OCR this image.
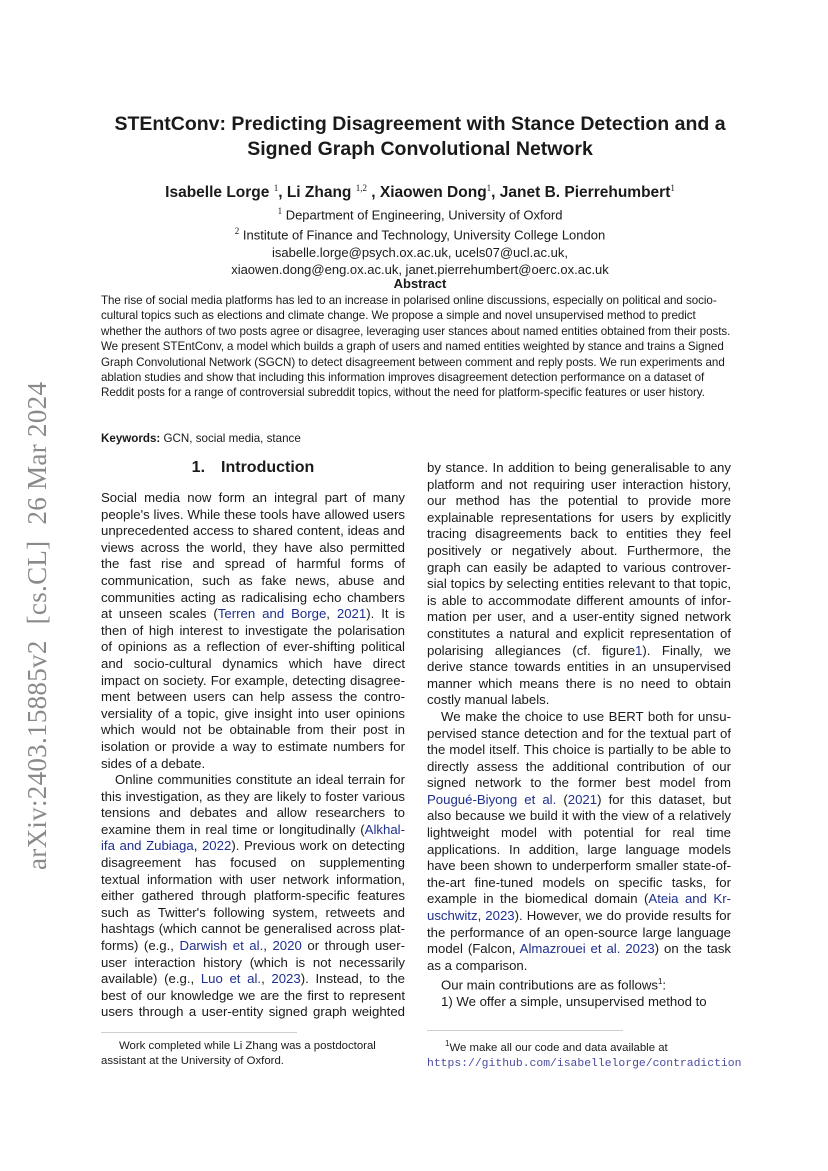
arXiv:2403.15885v2[cs.CL]26 Mar 2024
STEntConv: Predicting Disagreement with Stance Detection and a
Signed Graph Convolutional Network
Isabelle Lorge $^1$, Li Zhang $^{1,2}$ , Xiaowen Dong$^1$, Janet B. Pierrehumbert$^1$
$^1$ Department of Engineering, University of Oxford
$^2$ Institute of Finance and Technology, University College London
isabelle.lorge@psych.ox.ac.uk, ucels07@ucl.ac.uk,
xiaowen.dong@eng.ox.ac.uk, janet.pierrehumbert@oerc.ox.ac.uk
Abstract
The rise of social media platforms has led to an increase in polarised online discussions, especially on political and socio-cultural topics such as elections and climate change. We propose a simple and novel unsupervised method to predict whether the authors of two posts agree or disagree, leveraging user stances about named entities obtained from their posts. We present STEntConv, a model which builds a graph of users and named entities weighted by stance and trains a Signed Graph Convolutional Network (SGCN) to detect disagreement between comment and reply posts. We run experiments and ablation studies and show that including this information improves disagreement detection performance on a dataset of Reddit posts for a range of controversial subreddit topics, without the need for platform-specific features or user history.
Keywords: GCN, social media, stance
1. Introduction

Social media now form an integral part of many people's lives. While these tools have allowed users unprecedented access to shared content, ideas and views across the world, they have also permitted the fast rise and spread of harmful forms of communication, such as fake news, abuse and communities acting as radicalising echo chambers at unseen scales (Terren and Borge, 2021). It is then of high interest to investigate the polarisation of opinions as a reflection of ever-shifting political and socio-cultural dynamics which have direct impact on society. For example, detecting disagreement between users can help assess the controversiality of a topic, give insight into user opinions which would not be obtainable from their post in isolation or provide a way to estimate numbers for sides of a debate.

Online communities constitute an ideal terrain for this investigation, as they are likely to foster various tensions and debates and allow researchers to examine them in real time or longitudinally (Alkhalifa and Zubiaga, 2022). Previous work on detecting disagreement has focused on supplementing textual information with user network information, either gathered through platform-specific features such as Twitter's following system, retweets and hashtags (which cannot be generalised across platforms) (e.g., Darwish et al., 2020 or through user-user interaction history (which is not necessarily available) (e.g., Luo et al., 2023). Instead, to the best of our knowledge we are the first to represent users through a user-entity signed graph weighted

Work completed while Li Zhang was a postdoctoral assistant at the University of Oxford.

$^1$We make all our code and data available at https://github.com/isabellelorge/contradiction

by stance. In addition to being generalisable to any platform and not requiring user interaction history, our method has the potential to provide more explainable representations for users by explicitly tracing disagreements back to entities they feel positively or negatively about. Furthermore, the graph can easily be adapted to various controversial topics by selecting entities relevant to that topic, is able to accommodate different amounts of information per user, and a user-entity signed network constitutes a natural and explicit representation of polarising allegiances (cf. figure1). Finally, we derive stance towards entities in an unsupervised manner which means there is no need to obtain costly manual labels.

We make the choice to use BERT both for unsupervised stance detection and for the textual part of the model itself. This choice is partially to be able to directly assess the additional contribution of our signed network to the former best model from Pougué-Biyong et al. (2021) for this dataset, but also because we build it with the view of a relatively lightweight model with potential for real time applications. In addition, large language models have been shown to underperform smaller state-of-the-art fine-tuned models on specific tasks, for example in the biomedical domain (Ateia and Kruschwitz, 2023). However, we do provide results for the performance of an open-source large language model (Falcon, Almazrouei et al. 2023) on the task as a comparison.

Our main contributions are as follows$^1$:

1) We offer a simple, unsupervised method to
